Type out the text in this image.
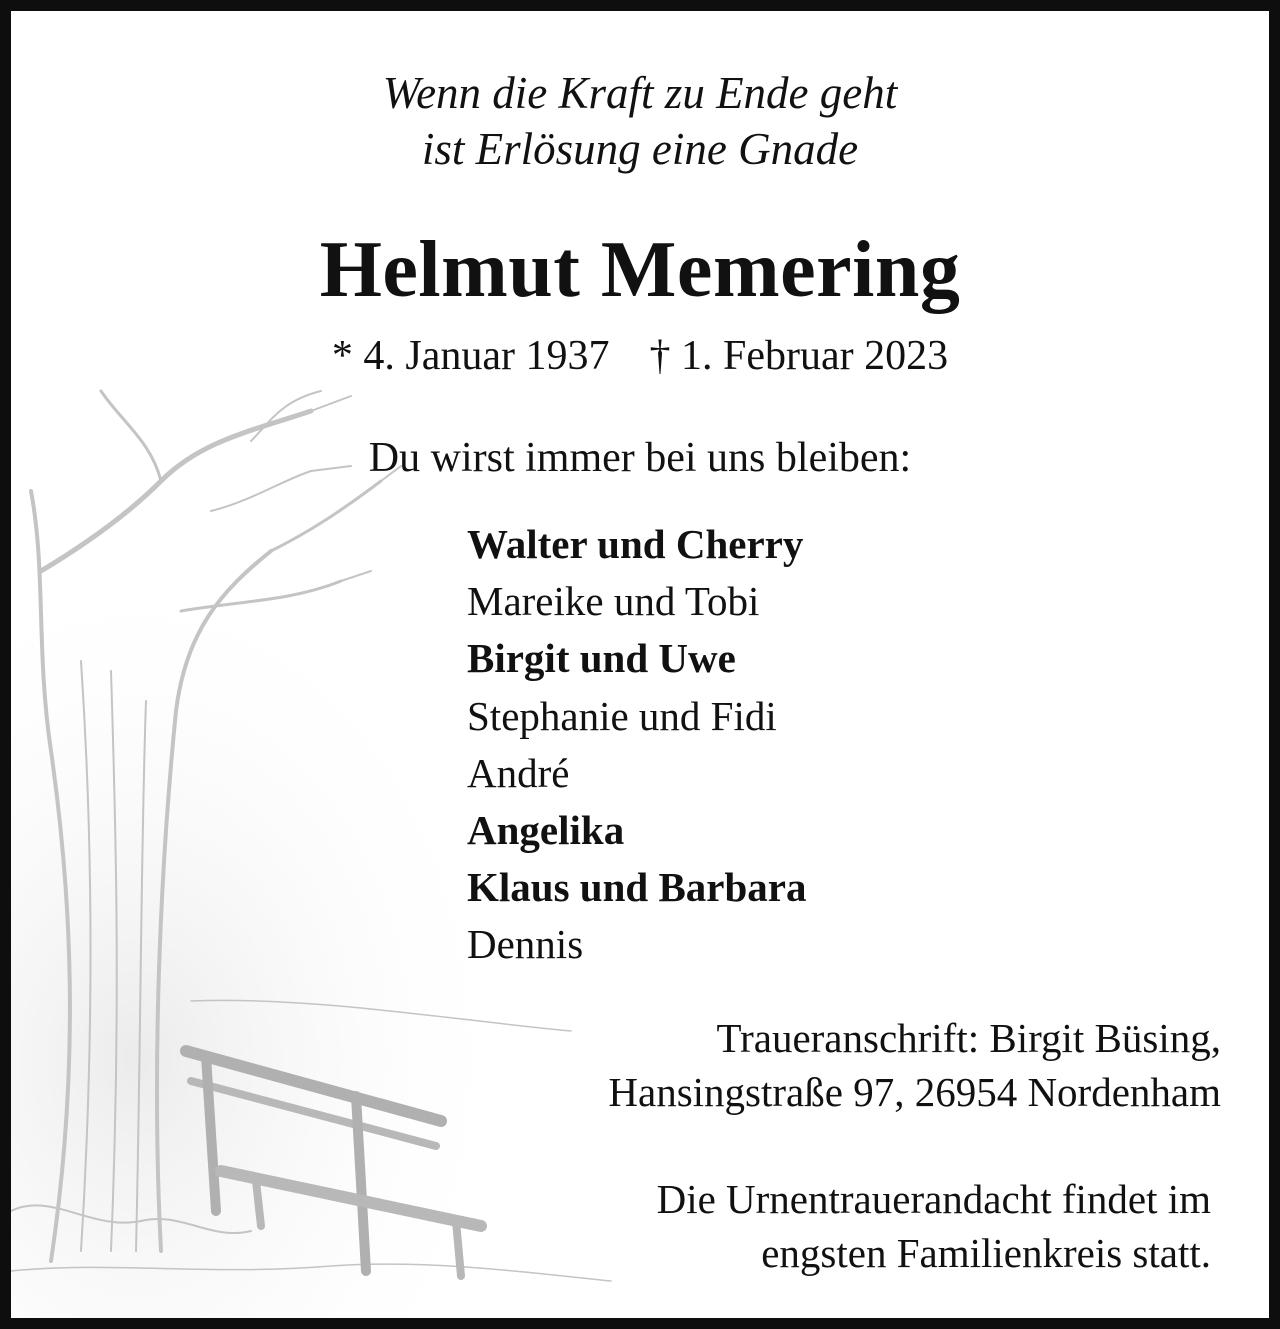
Wenn die Kraft zu Ende geht
ist Erlösung eine Gnade
Helmut Memering
* 4. Januar 1937 † 1. Februar 2023
Du wirst immer bei uns bleiben:
Walter und Cherry
Mareike und Tobi
Birgit und Uwe
Stephanie und Fidi
André
Angelika
Klaus und Barbara
Dennis
Traueranschrift: Birgit Büsing,
Hansingstraße 97, 26954 Nordenham
Die Urnentrauerandacht findet im
engsten Familienkreis statt.
